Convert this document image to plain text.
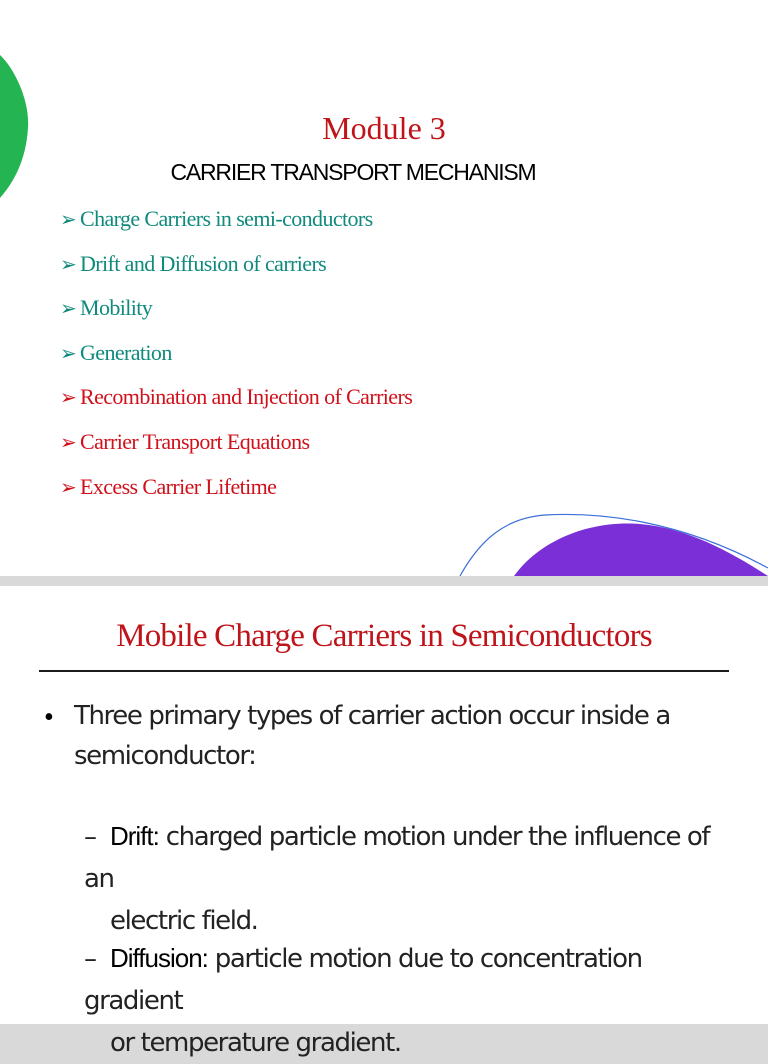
Module 3
CARRIER TRANSPORT MECHANISM
➢ Charge Carriers in semi-conductors
➢ Drift and Diffusion of carriers
➢ Mobility
➢ Generation
➢ Recombination and Injection of Carriers
➢ Carrier Transport Equations
➢ Excess Carrier Lifetime
Mobile Charge Carriers in Semiconductors
• Three primary types of carrier action occur inside a
semiconductor:
– Drift: charged particle motion under the influence of an
electric field.
– Diffusion: particle motion due to concentration gradient
or temperature gradient.
